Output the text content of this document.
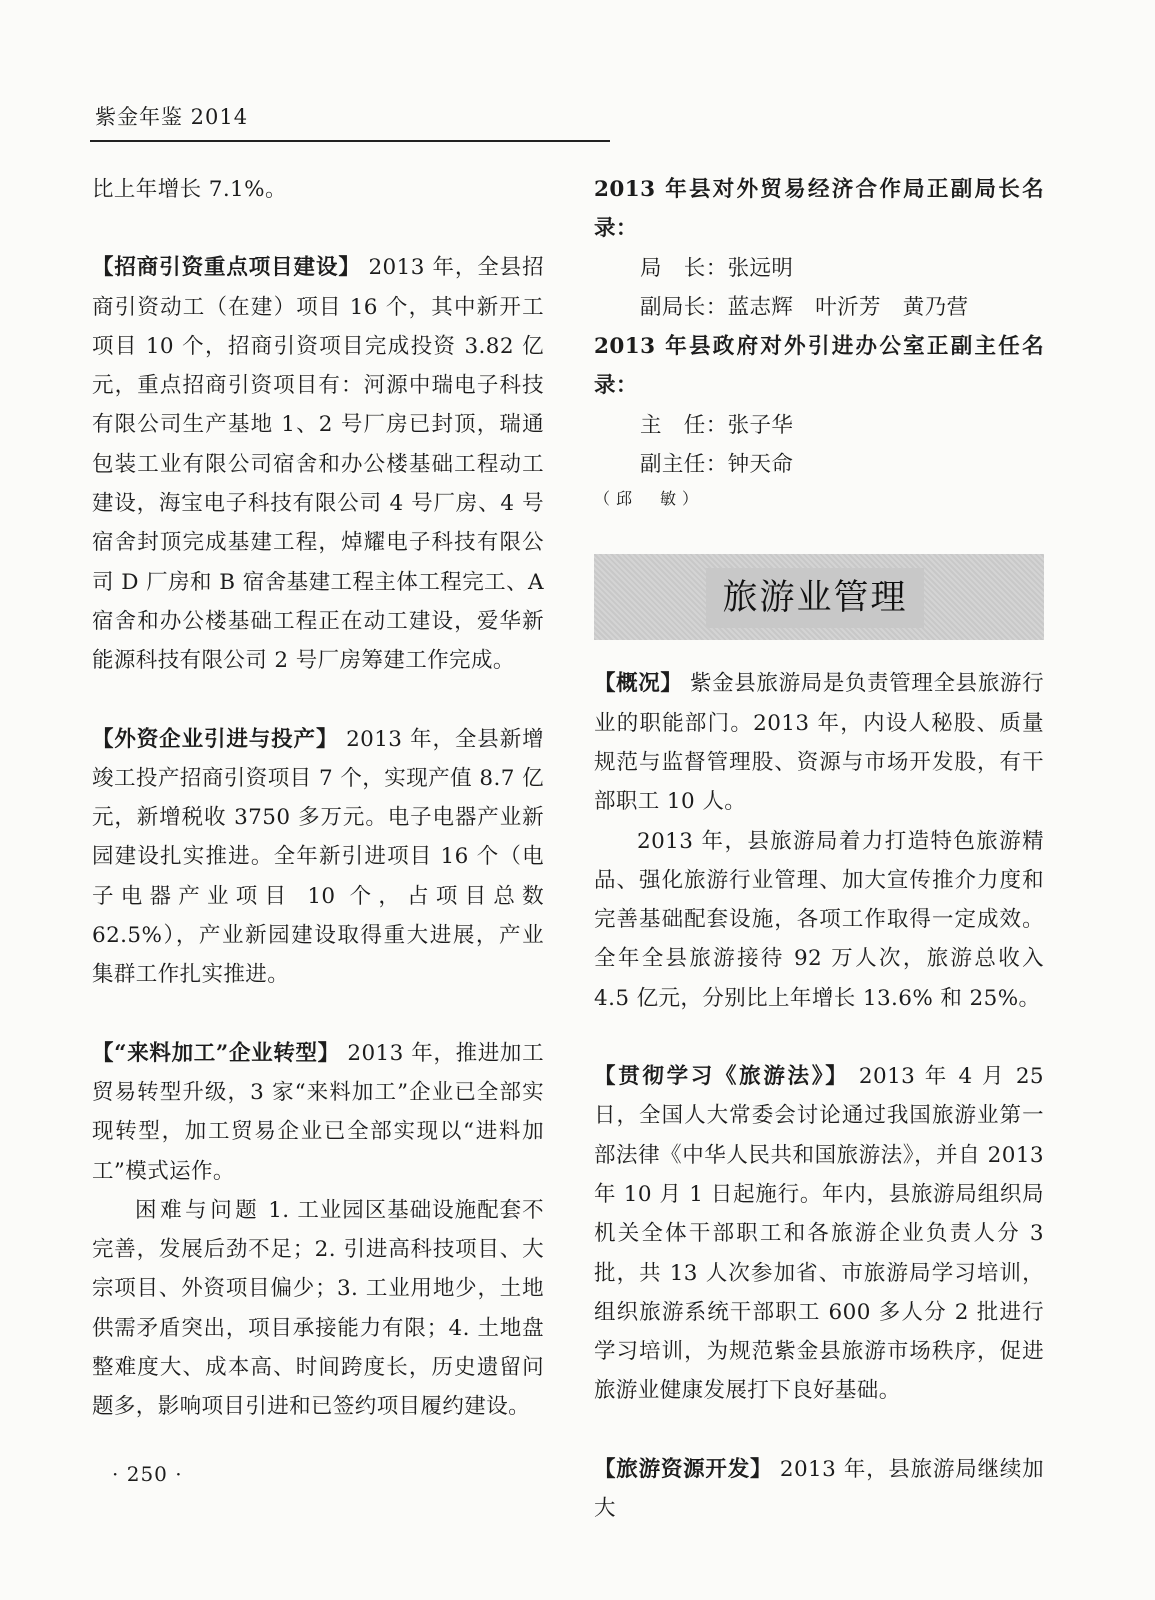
紫金年鉴 2014

比上年增长 7.1%。

【招商引资重点项目建设】 2013 年，全县招商引资动工（在建）项目 16 个，其中新开工项目 10 个，招商引资项目完成投资 3.82 亿元，重点招商引资项目有：河源中瑞电子科技有限公司生产基地 1、2 号厂房已封顶，瑞通包装工业有限公司宿舍和办公楼基础工程动工建设，海宝电子科技有限公司 4 号厂房、4 号宿舍封顶完成基建工程，焯耀电子科技有限公司 D 厂房和 B 宿舍基建工程主体工程完工、A 宿舍和办公楼基础工程正在动工建设，爱华新能源科技有限公司 2 号厂房筹建工作完成。

【外资企业引进与投产】 2013 年，全县新增竣工投产招商引资项目 7 个，实现产值 8.7 亿元，新增税收 3750 多万元。电子电器产业新园建设扎实推进。全年新引进项目 16 个（电子电器产业项目 10 个，占项目总数 62.5%），产业新园建设取得重大进展，产业集群工作扎实推进。

【“来料加工”企业转型】 2013 年，推进加工贸易转型升级，3 家“来料加工”企业已全部实现转型，加工贸易企业已全部实现以“进料加工”模式运作。

困难与问题 1. 工业园区基础设施配套不完善，发展后劲不足；2. 引进高科技项目、大宗项目、外资项目偏少；3. 工业用地少，土地供需矛盾突出，项目承接能力有限；4. 土地盘整难度大、成本高、时间跨度长，历史遗留问题多，影响项目引进和已签约项目履约建设。

2013 年县对外贸易经济合作局正副局长名录：

局　长：张远明

副局长：蓝志辉　叶沂芳　黄乃营

2013 年县政府对外引进办公室正副主任名录：

主　任：张子华

副主任：钟天命

（邱　敏）

旅游业管理

【概况】 紫金县旅游局是负责管理全县旅游行业的职能部门。2013 年，内设人秘股、质量规范与监督管理股、资源与市场开发股，有干部职工 10 人。

2013 年，县旅游局着力打造特色旅游精品、强化旅游行业管理、加大宣传推介力度和完善基础配套设施，各项工作取得一定成效。全年全县旅游接待 92 万人次，旅游总收入 4.5 亿元，分别比上年增长 13.6% 和 25%。

【贯彻学习《旅游法》】 2013 年 4 月 25 日，全国人大常委会讨论通过我国旅游业第一部法律《中华人民共和国旅游法》，并自 2013 年 10 月 1 日起施行。年内，县旅游局组织局机关全体干部职工和各旅游企业负责人分 3 批，共 13 人次参加省、市旅游局学习培训，组织旅游系统干部职工 600 多人分 2 批进行学习培训，为规范紫金县旅游市场秩序，促进旅游业健康发展打下良好基础。

【旅游资源开发】 2013 年，县旅游局继续加大

· 250 ·
